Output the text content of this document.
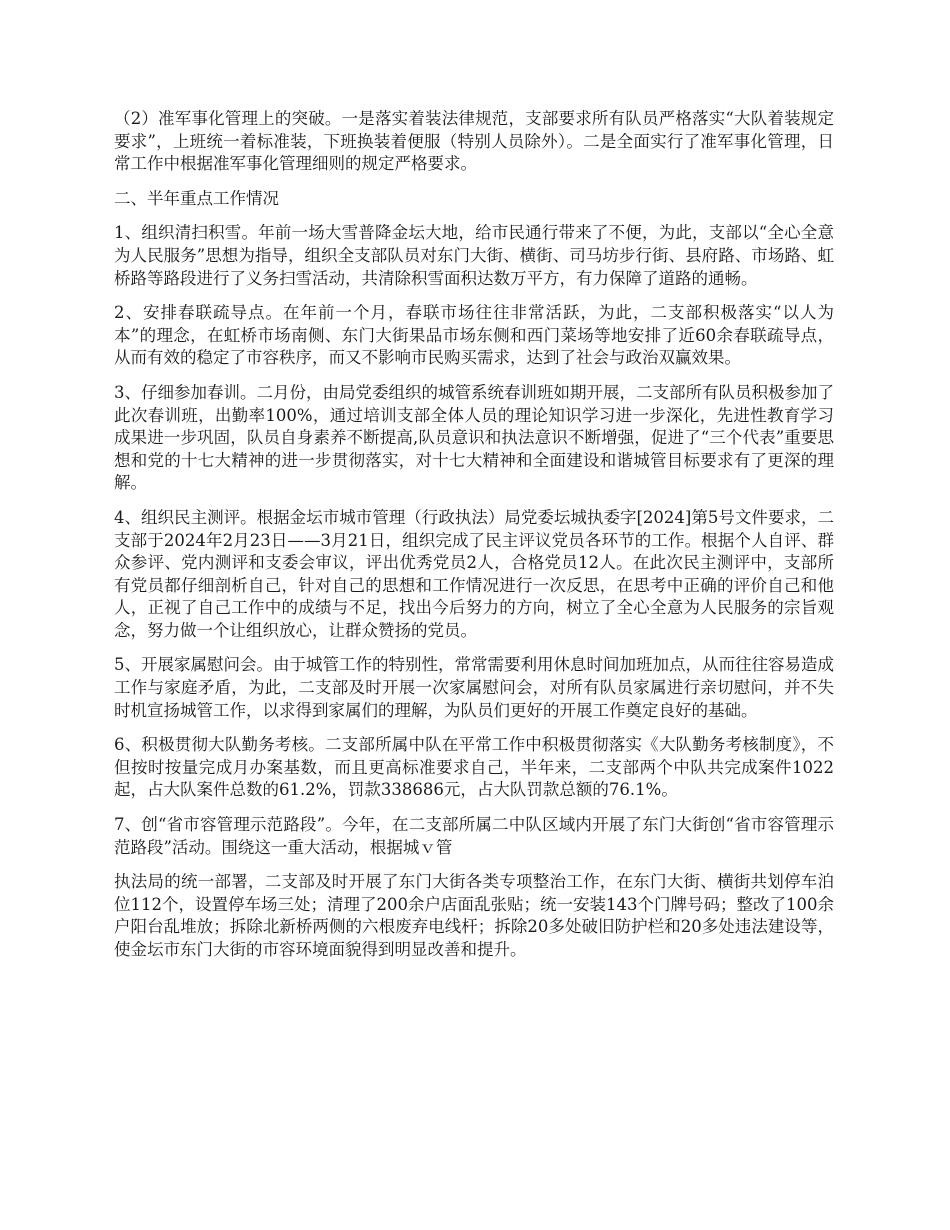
（2）准军事化管理上的突破。一是落实着装法律规范，支部要求所有队员严格落实“大队着装规定要求”，上班统一着标准装，下班换装着便服（特别人员除外）。二是全面实行了准军事化管理，日常工作中根据准军事化管理细则的规定严格要求。

二、半年重点工作情况

1、组织清扫积雪。年前一场大雪普降金坛大地，给市民通行带来了不便，为此，支部以“全心全意为人民服务”思想为指导，组织全支部队员对东门大街、横街、司马坊步行街、县府路、市场路、虹桥路等路段进行了义务扫雪活动，共清除积雪面积达数万平方，有力保障了道路的通畅。

2、安排春联疏导点。在年前一个月，春联市场往往非常活跃，为此，二支部积极落实“以人为本”的理念，在虹桥市场南侧、东门大街果品市场东侧和西门菜场等地安排了近60余春联疏导点，从而有效的稳定了市容秩序，而又不影响市民购买需求，达到了社会与政治双赢效果。

3、仔细参加春训。二月份，由局党委组织的城管系统春训班如期开展，二支部所有队员积极参加了此次春训班，出勤率100%，通过培训支部全体人员的理论知识学习进一步深化，先进性教育学习成果进一步巩固，队员自身素养不断提高,队员意识和执法意识不断增强，促进了“三个代表”重要思想和党的十七大精神的进一步贯彻落实，对十七大精神和全面建设和谐城管目标要求有了更深的理解。

4、组织民主测评。根据金坛市城市管理（行政执法）局党委坛城执委字[2024]第5号文件要求，二支部于2024年2月23日——3月21日，组织完成了民主评议党员各环节的工作。根据个人自评、群众参评、党内测评和支委会审议，评出优秀党员2人，合格党员12人。在此次民主测评中，支部所有党员都仔细剖析自己，针对自己的思想和工作情况进行一次反思，在思考中正确的评价自己和他人，正视了自己工作中的成绩与不足，找出今后努力的方向，树立了全心全意为人民服务的宗旨观念，努力做一个让组织放心，让群众赞扬的党员。

5、开展家属慰问会。由于城管工作的特别性，常常需要利用休息时间加班加点，从而往往容易造成工作与家庭矛盾，为此，二支部及时开展一次家属慰问会，对所有队员家属进行亲切慰问，并不失时机宣扬城管工作，以求得到家属们的理解，为队员们更好的开展工作奠定良好的基础。

6、积极贯彻大队勤务考核。二支部所属中队在平常工作中积极贯彻落实《大队勤务考核制度》，不但按时按量完成月办案基数，而且更高标准要求自己，半年来，二支部两个中队共完成案件1022起，占大队案件总数的61.2%，罚款338686元，占大队罚款总额的76.1%。

7、创“省市容管理示范路段”。今年，在二支部所属二中队区域内开展了东门大街创“省市容管理示范路段”活动。围绕这一重大活动，根据城ｖ管

执法局的统一部署，二支部及时开展了东门大街各类专项整治工作，在东门大街、横街共划停车泊位112个，设置停车场三处；清理了200余户店面乱张贴；统一安装143个门牌号码；整改了100余户阳台乱堆放；拆除北新桥两侧的六根废弃电线杆；拆除20多处破旧防护栏和20多处违法建设等，使金坛市东门大街的市容环境面貌得到明显改善和提升。
